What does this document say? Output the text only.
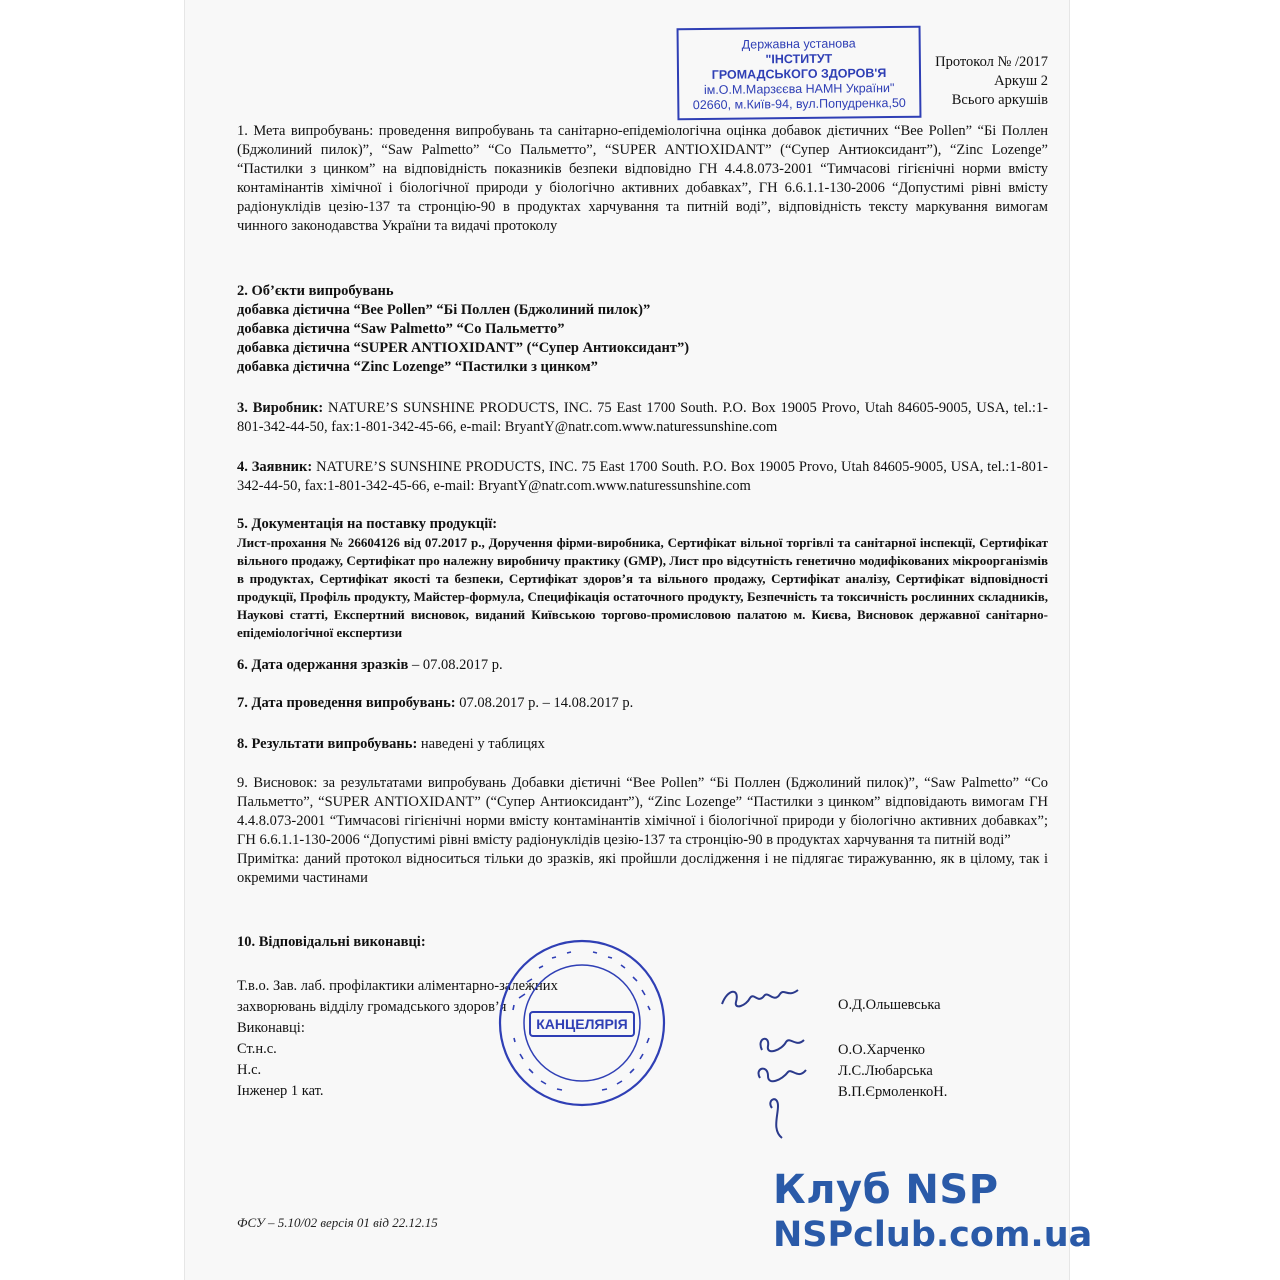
Державна установа
"ІНСТИТУТ
ГРОМАДСЬКОГО ЗДОРОВ'Я
ім.О.М.Марзєєва НАМН України"
02660, м.Київ-94, вул.Попудренка,50
Протокол № /2017
Аркуш 2
Всього аркушів
1. Мета випробувань: проведення випробувань та санітарно-епідеміологічна оцінка добавок дієтичних “Bee Pollen” “Бі Поллен (Бджолиний пилок)”, “Saw Palmetto” “Со Пальметто”, “SUPER ANTIOXIDANT” (“Супер Антиоксидант”), “Zinc Lozenge” “Пастилки з цинком” на відповідність показників безпеки відповідно ГН 4.4.8.073-2001 “Тимчасові гігієнічні норми вмісту контамінантів хімічної і біологічної природи у біологічно активних добавках”, ГН 6.6.1.1-130-2006 “Допустимі рівні вмісту радіонуклідів цезію-137 та стронцію-90 в продуктах харчування та питній воді”, відповідність тексту маркування вимогам чинного законодавства України та видачі протоколу
2. Об’єкти випробувань
добавка дієтична “Bee Pollen” “Бі Поллен (Бджолиний пилок)”
добавка дієтична “Saw Palmetto” “Со Пальметто”
добавка дієтична “SUPER ANTIOXIDANT” (“Супер Антиоксидант”)
добавка дієтична “Zinc Lozenge” “Пастилки з цинком”
3. Виробник: NATURE’S SUNSHINE PRODUCTS, INC. 75 East 1700 South. P.O. Box 19005 Provo, Utah 84605-9005, USA, tel.:1-801-342-44-50, fax:1-801-342-45-66, e-mail: BryantY@natr.com.www.naturessunshine.com
4. Заявник: NATURE’S SUNSHINE PRODUCTS, INC. 75 East 1700 South. P.O. Box 19005 Provo, Utah 84605-9005, USA, tel.:1-801-342-44-50, fax:1-801-342-45-66, e-mail: BryantY@natr.com.www.naturessunshine.com
5. Документація на поставку продукції:
Лист-прохання № 26604126 від 07.2017 р., Доручення фірми-виробника, Сертифікат вільної торгівлі та санітарної інспекції, Сертифікат вільного продажу, Сертифікат про належну виробничу практику (GMP), Лист про відсутність генетично модифікованих мікроорганізмів в продуктах, Сертифікат якості та безпеки, Сертифікат здоров’я та вільного продажу, Сертифікат аналізу, Сертифікат відповідності продукції, Профіль продукту, Майстер-формула, Специфікація остаточного продукту, Безпечність та токсичність рослинних складників, Наукові статті, Експертний висновок, виданий Київською торгово-промисловою палатою м. Києва, Висновок державної санітарно-епідеміологічної експертизи
6. Дата одержання зразків – 07.08.2017 р.
7. Дата проведення випробувань: 07.08.2017 р. – 14.08.2017 р.
8. Результати випробувань: наведені у таблицях
9. Висновок: за результатами випробувань Добавки дієтичні “Bee Pollen” “Бі Поллен (Бджолиний пилок)”, “Saw Palmetto” “Со Пальметто”, “SUPER ANTIOXIDANT” (“Супер Антиоксидант”), “Zinc Lozenge” “Пастилки з цинком” відповідають вимогам ГН 4.4.8.073-2001 “Тимчасові гігієнічні норми вмісту контамінантів хімічної і біологічної природи у біологічно активних добавках”; ГН 6.6.1.1-130-2006 “Допустимі рівні вмісту радіонуклідів цезію-137 та стронцію-90 в продуктах харчування та питній воді”
Примітка: даний протокол відноситься тільки до зразків, які пройшли дослідження і не підлягає тиражуванню, як в цілому, так і окремими частинами
10. Відповідальні виконавці:
Т.в.о. Зав. лаб. профілактики аліментарно-залежних
захворювань відділу громадського здоров’я
Виконавці:
Ст.н.с.
Н.с.
Інженер 1 кат.
О.Д.Ольшевська
О.О.Харченко
Л.С.Любарська
В.П.ЄрмоленкоН.
КАНЦЕЛЯРІЯ
ФСУ – 5.10/02 версія 01 від 22.12.15
Клуб NSP
NSPclub.com.ua
